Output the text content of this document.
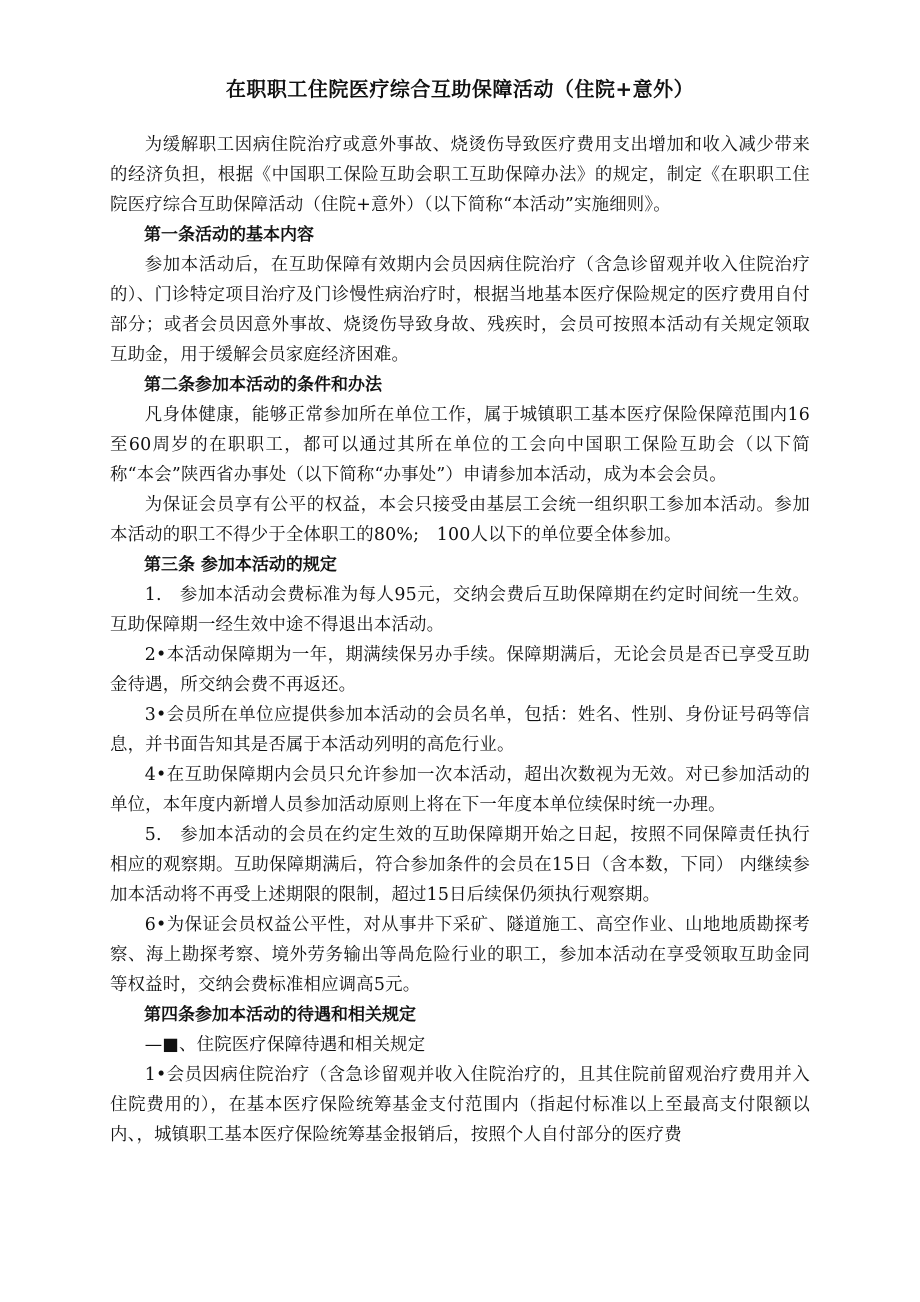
在职职工住院医疗综合互助保障活动（住院+意外）

为缓解职工因病住院治疗或意外事故、烧烫伤导致医疗费用支出增加和收入减少带来的经济负担，根据《中国职工保险互助会职工互助保障办法》的规定，制定《在职职工住院医疗综合互助保障活动（住院+意外）（以下简称“本活动”实施细则》。

第一条活动的基本内容

参加本活动后，在互助保障有效期内会员因病住院治疗（含急诊留观并收入住院治疗的）、门诊特定项目治疗及门诊慢性病治疗时，根据当地基本医疗保险规定的医疗费用自付部分；或者会员因意外事故、烧烫伤导致身故、残疾时，会员可按照本活动有关规定领取互助金，用于缓解会员家庭经济困难。

第二条参加本活动的条件和办法

凡身体健康，能够正常参加所在单位工作，属于城镇职工基本医疗保险保障范围内16至60周岁的在职职工，都可以通过其所在单位的工会向中国职工保险互助会（以下简称“本会”陕西省办事处（以下简称“办事处”）申请参加本活动，成为本会会员。

为保证会员享有公平的权益，本会只接受由基层工会统一组织职工参加本活动。参加本活动的职工不得少于全体职工的80%;　100人以下的单位要全体参加。

第三条 参加本活动的规定

1.　参加本活动会费标准为每人95元，交纳会费后互助保障期在约定时间统一生效。互助保障期一经生效中途不得退出本活动。

2•本活动保障期为一年，期满续保另办手续。保障期满后，无论会员是否已享受互助金待遇，所交纳会费不再返还。

3•会员所在单位应提供参加本活动的会员名单，包括：姓名、性别、身份证号码等信息，并书面告知其是否属于本活动列明的高危行业。

4•在互助保障期内会员只允许参加一次本活动，超出次数视为无效。对已参加活动的单位，本年度内新增人员参加活动原则上将在下一年度本单位续保时统一办理。

5.　参加本活动的会员在约定生效的互助保障期开始之日起，按照不同保障责任执行相应的观察期。互助保障期满后，符合参加条件的会员在15日（含本数，下同） 内继续参加本活动将不再受上述期限的限制，超过15日后续保仍须执行观察期。

6•为保证会员权益公平性，对从事井下采矿、隧道施工、高空作业、山地地质勘探考察、海上勘探考察、境外劳务输出等咼危险行业的职工，参加本活动在享受领取互助金同等权益时，交纳会费标准相应调高5元。

第四条参加本活动的待遇和相关规定

—■、住院医疗保障待遇和相关规定

1•会员因病住院治疗（含急诊留观并收入住院治疗的，且其住院前留观治疗费用并入住院费用的），在基本医疗保险统筹基金支付范围内（指起付标准以上至最高支付限额以内、，城镇职工基本医疗保险统筹基金报销后，按照个人自付部分的医疗费
